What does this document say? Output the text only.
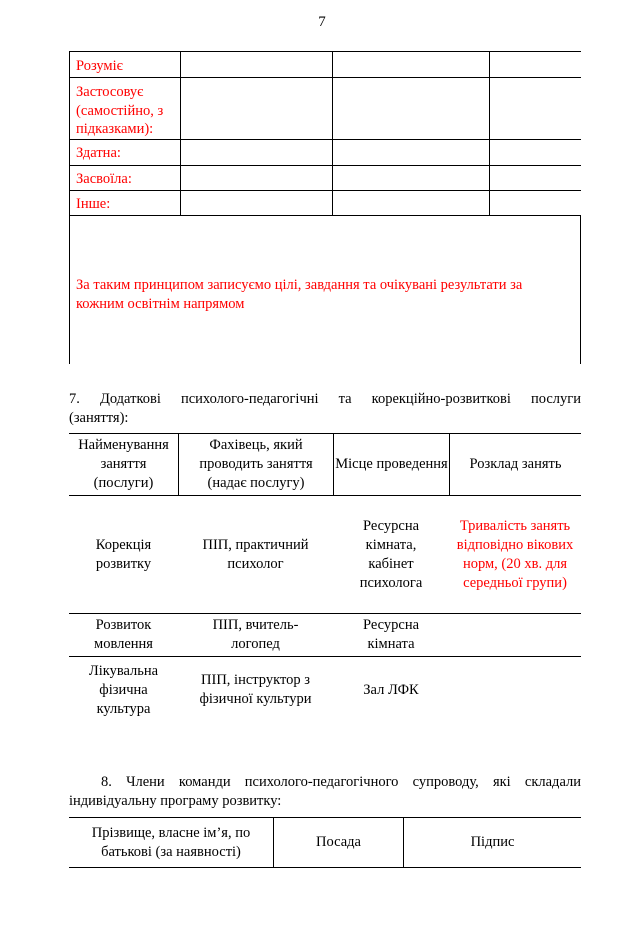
7
Розуміє
Застосовує (самостійно, з підказками):
Здатна:
Засвоїла:
Інше:
За таким принципом записуємо цілі, завдання та очікувані результати за кожним освітнім напрямом
7. Додаткові психолого-педагогічні та корекційно-розвиткові послуги
(заняття):
Найменування заняття (послуги)
Фахівець, який проводить заняття (надає послугу)
Місце проведення	Розклад занять
Корекція розвитку
ПІП, практичний психолог
Ресурсна кімната, кабінет психолога
Тривалість занять відповідно вікових норм, (20 хв. для середньої групи)
Розвиток мовлення
ПІП, вчитель-логопед
Ресурсна кімната
Лікувальна фізична культура
ПІП, інструктор з фізичної культури
Зал ЛФК
8. Члени команди психолого-педагогічного супроводу, які складали
індивідуальну програму розвитку:
Прізвище, власне ім’я, по батькові (за наявності)
Посада	Підпис
